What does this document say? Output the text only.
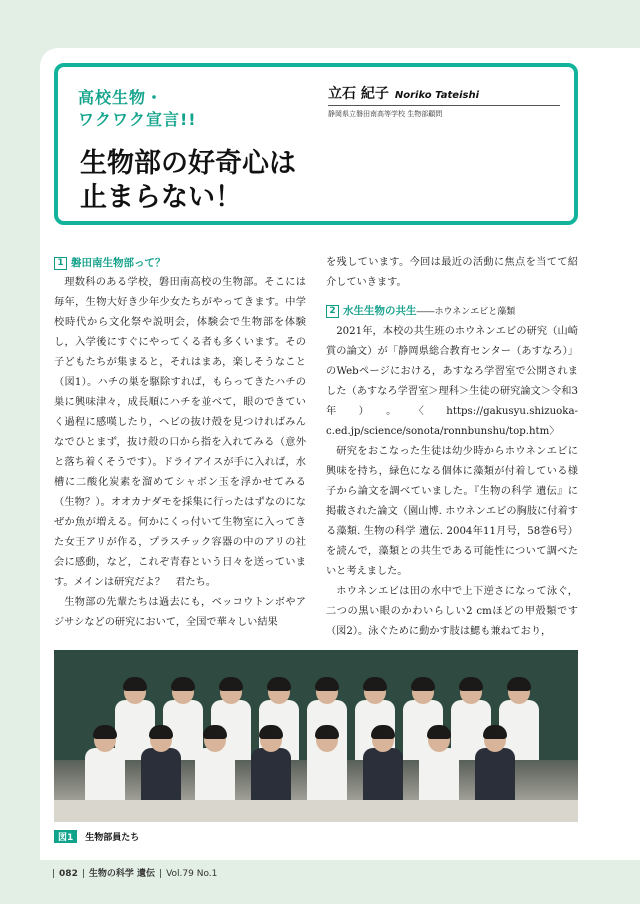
高校生物・
ワクワク宣言!!
生物部の好奇心は
止まらない！
立石 紀子 Noriko Tateishi
静岡県立磐田南高等学校 生物部顧問
1 磐田南生物部って？

理数科のある学校，磐田南高校の生物部。そこには毎年，生物大好き少年少女たちがやってきます。中学校時代から文化祭や説明会，体験会で生物部を体験し，入学後にすぐにやってくる者も多くいます。その子どもたちが集まると，それはまあ，楽しそうなこと（図1）。ハチの巣を駆除すれば，もらってきたハチの巣に興味津々，成長順にハチを並べて，眼のできていく過程に感嘆したり，ヘビの抜け殻を見つければみんなでひとまず，抜け殻の口から指を入れてみる（意外と落ち着くそうです）。ドライアイスが手に入れば，水槽に二酸化炭素を溜めてシャボン玉を浮かせてみる（生物？）。オオカナダモを採集に行ったはずなのになぜか魚が増える。何かにくっ付いて生物室に入ってきた女王アリが作る，プラスチック容器の中のアリの社会に感動，など，これぞ青春という日々を送っています。メインは研究だよ？　君たち。

生物部の先輩たちは過去にも，ベッコウトンボやアジサシなどの研究において，全国で華々しい結果

を残しています。今回は最近の活動に焦点を当てて紹介していきます。

2 水生生物の共生――ホウネンエビと藻類

2021年，本校の共生班のホウネンエビの研究（山崎賞の論文）が「静岡県総合教育センター（あすなろ）」のWebページにおける，あすなろ学習室で公開されました（あすなろ学習室＞理科＞生徒の研究論文＞令和3年）。〈https://gakusyu.shizuoka-c.ed.jp/science/sonota/ronnbunshu/top.htm〉

研究をおこなった生徒は幼少時からホウネンエビに興味を持ち，緑色になる個体に藻類が付着している様子から論文を調べていました。『生物の科学 遺伝』に掲載された論文（園山博. ホウネンエビの胸肢に付着する藻類. 生物の科学 遺伝. 2004年11月号，58巻6号）を読んで，藻類との共生である可能性について調べたいと考えました。

ホウネンエビは田の水中で上下逆さになって泳ぐ，二つの黒い眼のかわいらしい2 cmほどの甲殻類です（図2）。泳ぐために動かす肢は鰓も兼ねており，

図1 生物部員たち
| 082 | 生物の科学 遺伝 | Vol.79 No.1
